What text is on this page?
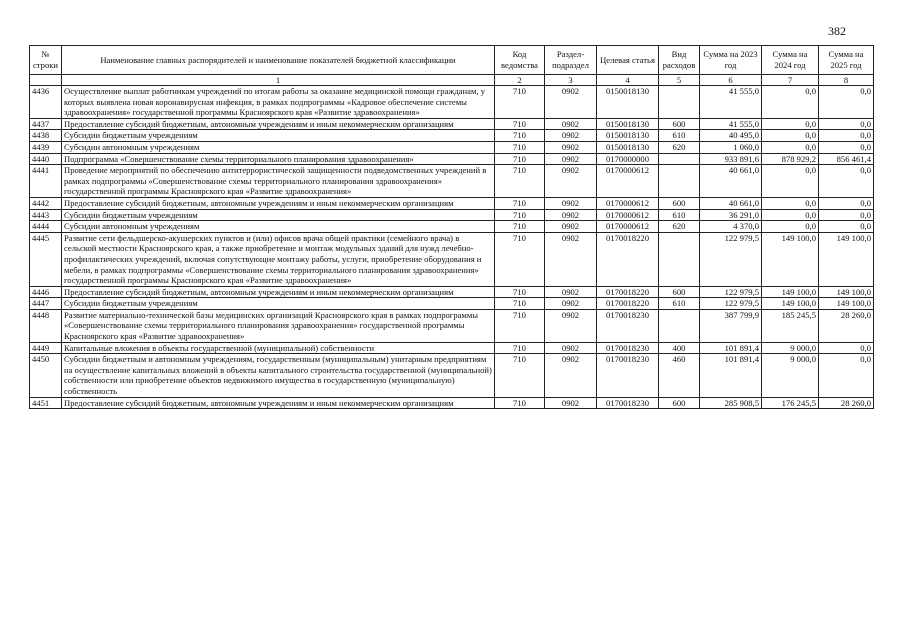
382
№ строки	Наименование главных распорядителей и наименование показателей бюджетной классификации	Код ведомства	Раздел-подраздел	Целевая статья	Вид расходов	Сумма на 2023 год	Сумма на 2024 год	Сумма на 2025 год
	1	2	3	4	5	6	7	8
4436	Осуществление выплат работникам учреждений по итогам работы за оказание медицинской помощи гражданам, у которых выявлена новая коронавирусная инфекция, в рамках подпрограммы «Кадровое обеспечение системы здравоохранения» государственной программы Красноярского края «Развитие здравоохранения»	710	0902	0150018130		41 555,0	0,0	0,0
4437	Предоставление субсидий бюджетным, автономным учреждениям и иным некоммерческим организациям	710	0902	0150018130	600	41 555,0	0,0	0,0
4438	Субсидии бюджетным учреждениям	710	0902	0150018130	610	40 495,0	0,0	0,0
4439	Субсидии автономным учреждениям	710	0902	0150018130	620	1 060,0	0,0	0,0
4440	Подпрограмма «Совершенствование схемы территориального планирования здравоохранения»	710	0902	0170000000		933 891,6	878 929,2	856 461,4
4441	Проведение мероприятий по обеспечению антитеррористической защищенности подведомственных учреждений в рамках подпрограммы «Совершенствование схемы территориального планирования здравоохранения» государственной программы Красноярского края «Развитие здравоохранения»	710	0902	0170000612		40 661,0	0,0	0,0
4442	Предоставление субсидий бюджетным, автономным учреждениям и иным некоммерческим организациям	710	0902	0170000612	600	40 661,0	0,0	0,0
4443	Субсидии бюджетным учреждениям	710	0902	0170000612	610	36 291,0	0,0	0,0
4444	Субсидии автономным учреждениям	710	0902	0170000612	620	4 370,0	0,0	0,0
4445	Развитие сети фельдшерско-акушерских пунктов и (или) офисов врача общей практики (семейного врача) в сельской местности Красноярского края, а также приобретение и монтаж модульных зданий для нужд лечебно-профилактических учреждений, включая сопутствующие монтажу работы, услуги, приобретение оборудования и мебели, в рамках подпрограммы «Совершенствование схемы территориального планирования здравоохранения» государственной программы Красноярского края «Развитие здравоохранения»	710	0902	0170018220		122 979,5	149 100,0	149 100,0
4446	Предоставление субсидий бюджетным, автономным учреждениям и иным некоммерческим организациям	710	0902	0170018220	600	122 979,5	149 100,0	149 100,0
4447	Субсидии бюджетным учреждениям	710	0902	0170018220	610	122 979,5	149 100,0	149 100,0
4448	Развитие материально-технической базы медицинских организаций Красноярского края в рамках подпрограммы «Совершенствование схемы территориального планирования здравоохранения» государственной программы Красноярского края «Развитие здравоохранения»	710	0902	0170018230		387 799,9	185 245,5	28 260,0
4449	Капитальные вложения в объекты государственной (муниципальной) собственности	710	0902	0170018230	400	101 891,4	9 000,0	0,0
4450	Субсидии бюджетным и автономным учреждениям, государственным (муниципальным) унитарным предприятиям на осуществление капитальных вложений в объекты капитального строительства государственной (муниципальной) собственности или приобретение объектов недвижимого имущества в государственную (муниципальную) собственность	710	0902	0170018230	460	101 891,4	9 000,0	0,0
4451	Предоставление субсидий бюджетным, автономным учреждениям и иным некоммерческим организациям	710	0902	0170018230	600	285 908,5	176 245,5	28 260,0
